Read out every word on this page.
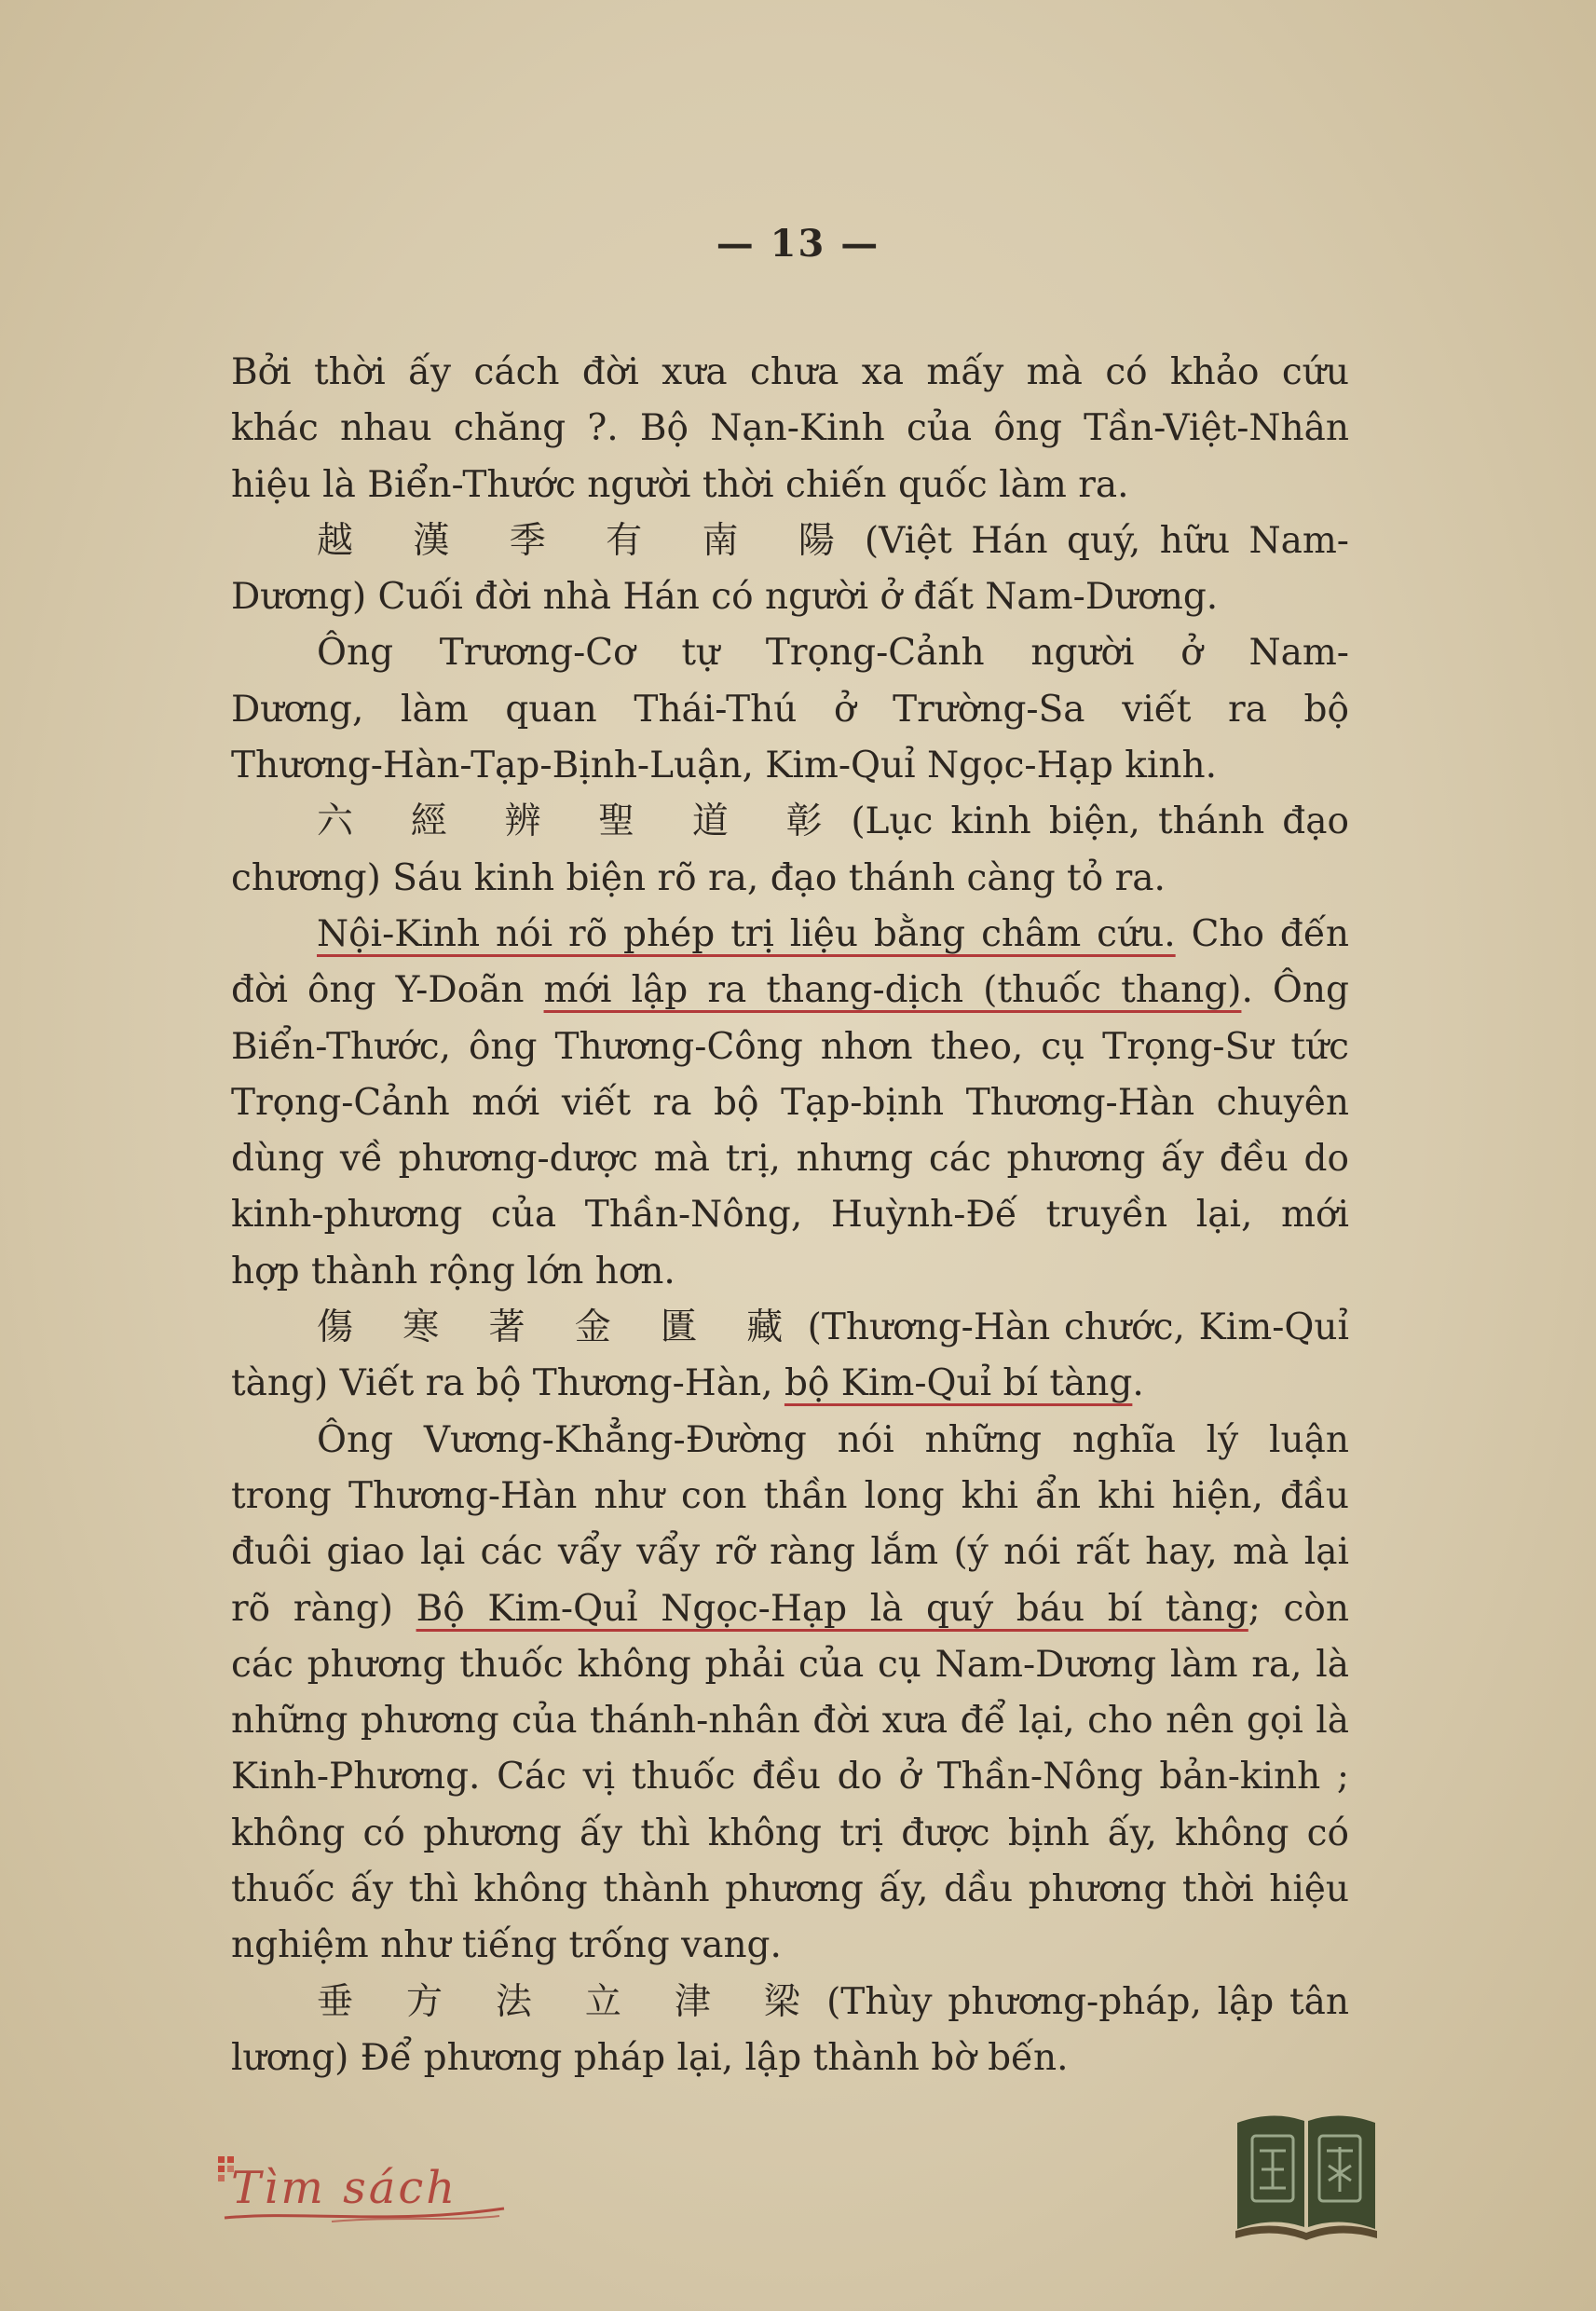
— 13 —
Bởi thời ấy cách đời xưa chưa xa mấy mà có khảo cứu
khác nhau chăng ?. Bộ Nạn-Kinh của ông Tần-Việt-Nhân
hiệu là Biển-Thước người thời chiến quốc làm ra.
越 漢 季 有 南 陽 (Việt Hán quý, hữu Nam-
Dương) Cuối đời nhà Hán có người ở đất Nam-Dương.
Ông Trương-Cơ tự Trọng-Cảnh người ở Nam-
Dương, làm quan Thái-Thú ở Trường-Sa viết ra bộ
Thương-Hàn-Tạp-Bịnh-Luận, Kim-Quỉ Ngọc-Hạp kinh.
六 經 辨 聖 道 彰 (Lục kinh biện, thánh đạo
chương) Sáu kinh biện rõ ra, đạo thánh càng tỏ ra.
Nội-Kinh nói rõ phép trị liệu bằng châm cứu. Cho đến
đời ông Y-Doãn mới lập ra thang-dịch (thuốc thang). Ông
Biển-Thước, ông Thương-Công nhơn theo, cụ Trọng-Sư tức
Trọng-Cảnh mới viết ra bộ Tạp-bịnh Thương-Hàn chuyên
dùng về phương-dược mà trị, nhưng các phương ấy đều do
kinh-phương của Thần-Nông, Huỳnh-Đế truyền lại, mới
hợp thành rộng lớn hơn.
傷 寒 著 金 匱 藏 (Thương-Hàn chước, Kim-Quỉ
tàng) Viết ra bộ Thương-Hàn, bộ Kim-Quỉ bí tàng.
Ông Vương-Khẳng-Đường nói những nghĩa lý luận
trong Thương-Hàn như con thần long khi ẩn khi hiện, đầu
đuôi giao lại các vẩy vẩy rỡ ràng lắm (ý nói rất hay, mà lại
rõ ràng) Bộ Kim-Quỉ Ngọc-Hạp là quý báu bí tàng; còn
các phương thuốc không phải của cụ Nam-Dương làm ra, là
những phương của thánh-nhân đời xưa để lại, cho nên gọi là
Kinh-Phương. Các vị thuốc đều do ở Thần-Nông bản-kinh ;
không có phương ấy thì không trị được bịnh ấy, không có
thuốc ấy thì không thành phương ấy, dầu phương thời hiệu
nghiệm như tiếng trống vang.
垂 方 法 立 津 梁 (Thùy phương-pháp, lập tân
lương) Để phương pháp lại, lập thành bờ bến.
Tìm sách
